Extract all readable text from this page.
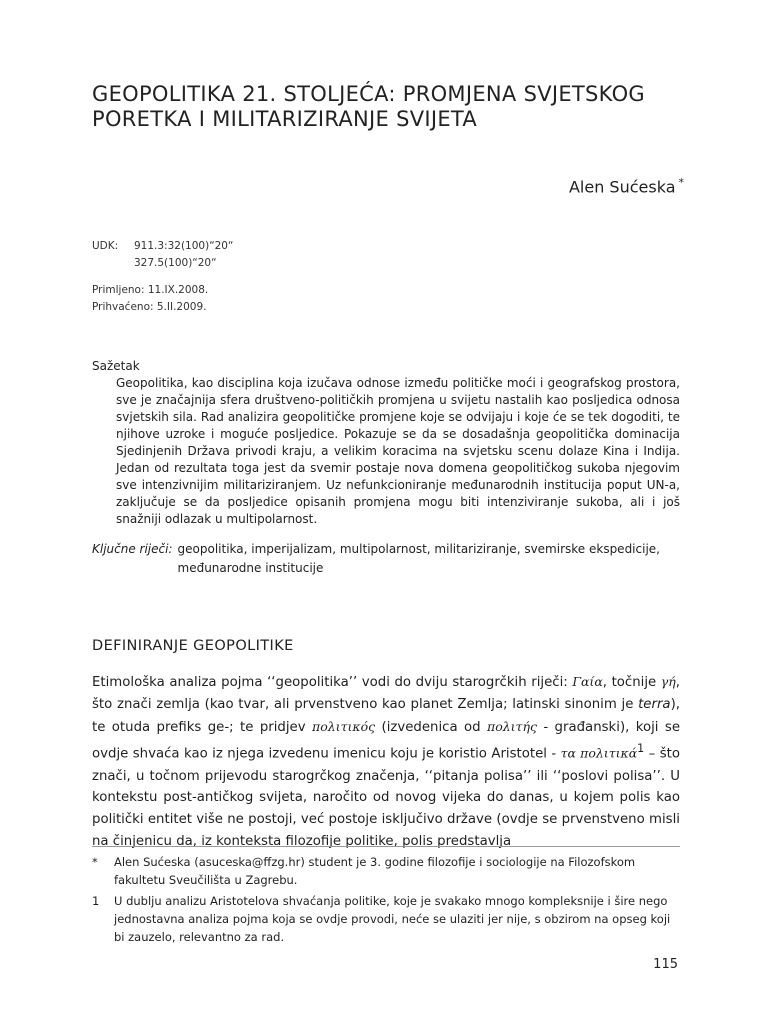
GEOPOLITIKA 21. STOLJEĆA: PROMJENA SVJETSKOG
PORETKA I MILITARIZIRANJE SVIJETA
Alen Sućeska *
UDK:	911.3:32(100)“20“
327.5(100)“20“
Primljeno: 11.IX.2008.
Prihvaćeno: 5.II.2009.
Sažetak

Geopolitika, kao disciplina koja izučava odnose između političke moći i geografskog prostora, sve je značajnija sfera društveno-političkih promjena u svijetu nastalih kao posljedica odnosa svjetskih sila. Rad analizira geopolitičke promjene koje se odvijaju i koje će se tek dogoditi, te njihove uzroke i moguće posljedice. Pokazuje se da se dosadašnja geopolitička dominacija Sjedinjenih Država privodi kraju, a velikim koracima na svjetsku scenu dolaze Kina i Indija. Jedan od rezultata toga jest da svemir postaje nova domena geopolitičkog sukoba njegovim sve intenzivnijim militariziranjem. Uz nefunkcioniranje međunarodnih institucija poput UN-a, zaključuje se da posljedice opisanih promjena mogu biti intenziviranje sukoba, ali i još snažniji odlazak u multipolarnost.

Ključne riječi: geopolitika, imperijalizam, multipolarnost, militariziranje, svemirske ekspedicije, međunarodne institucije
DEFINIRANJE GEOPOLITIKE

Etimološka analiza pojma ‘‘geopolitika’’ vodi do dviju starogrčkih riječi: Γαία, točnije γή, što znači zemlja (kao tvar, ali prvenstveno kao planet Zemlja; latinski sinonim je terra), te otuda prefiks ge-; te pridjev πολιτικός (izvedenica od πολιτής - građanski), koji se ovdje shvaća kao iz njega izvedenu imenicu koju je koristio Aristotel - τα πολιτικά$^1$ – što znači, u točnom prijevodu starogrčkog značenja, ‘‘pitanja polisa’’ ili ‘‘poslovi polisa’’. U kontekstu post-antičkog svijeta, naročito od novog vijeka do danas, u kojem polis kao politički entitet više ne postoji, već postoje isključivo države (ovdje se prvenstveno misli na činjenicu da, iz konteksta filozofije politike, polis predstavlja

*	Alen Sućeska (asuceska@ffzg.hr) student je 3. godine filozofije i sociologije na Filozofskom fakultetu Sveučilišta u Zagrebu.
1	U dublju analizu Aristotelova shvaćanja politike, koje je svakako mnogo kompleksnije i šire nego jednostavna analiza pojma koja se ovdje provodi, neće se ulaziti jer nije, s obzirom na opseg koji bi zauzelo, relevantno za rad.
115
